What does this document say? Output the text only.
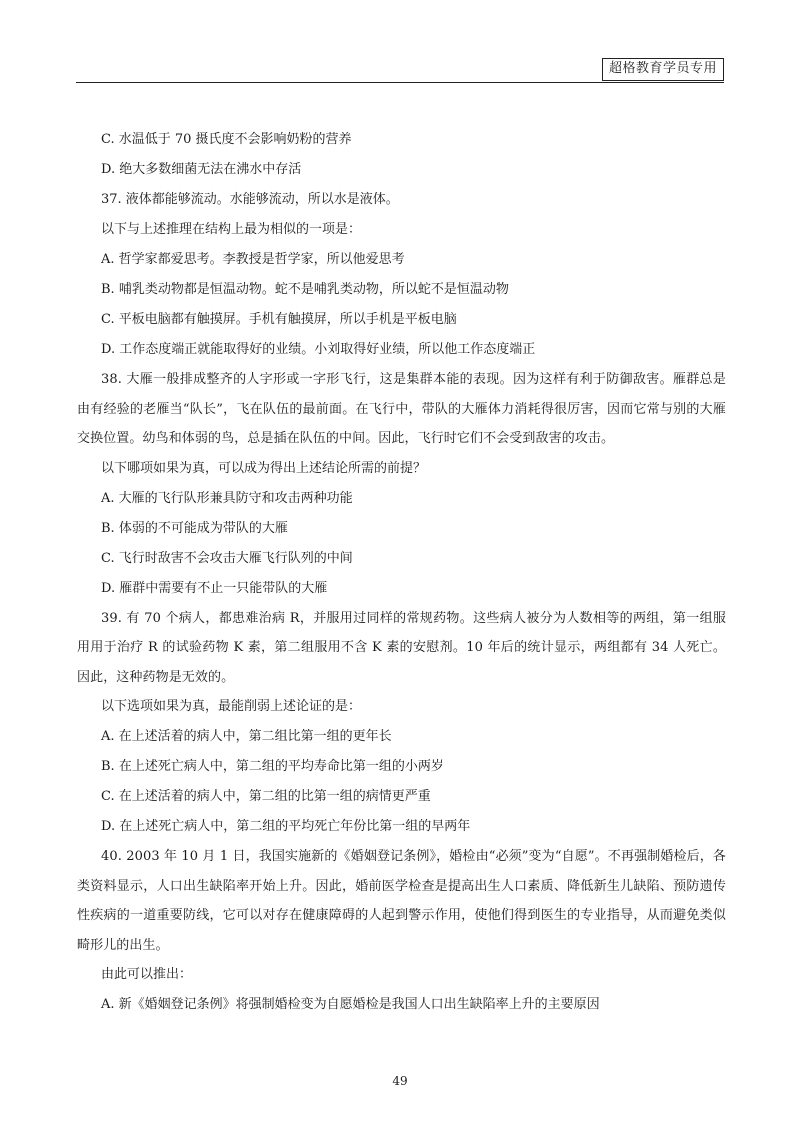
超格教育学员专用

C. 水温低于 70 摄氏度不会影响奶粉的营养

D. 绝大多数细菌无法在沸水中存活

37. 液体都能够流动。水能够流动，所以水是液体。

以下与上述推理在结构上最为相似的一项是：

A. 哲学家都爱思考。李教授是哲学家，所以他爱思考

B. 哺乳类动物都是恒温动物。蛇不是哺乳类动物，所以蛇不是恒温动物

C. 平板电脑都有触摸屏。手机有触摸屏，所以手机是平板电脑

D. 工作态度端正就能取得好的业绩。小刘取得好业绩，所以他工作态度端正

38. 大雁一般排成整齐的人字形或一字形飞行，这是集群本能的表现。因为这样有利于防御敌害。雁群总是由有经验的老雁当“队长”，飞在队伍的最前面。在飞行中，带队的大雁体力消耗得很厉害，因而它常与别的大雁交换位置。幼鸟和体弱的鸟，总是插在队伍的中间。因此，飞行时它们不会受到敌害的攻击。

以下哪项如果为真，可以成为得出上述结论所需的前提？

A. 大雁的飞行队形兼具防守和攻击两种功能

B. 体弱的不可能成为带队的大雁

C. 飞行时敌害不会攻击大雁飞行队列的中间

D. 雁群中需要有不止一只能带队的大雁

39. 有 70 个病人，都患难治病 R，并服用过同样的常规药物。这些病人被分为人数相等的两组，第一组服用用于治疗 R 的试验药物 K 素，第二组服用不含 K 素的安慰剂。10 年后的统计显示，两组都有 34 人死亡。因此，这种药物是无效的。

以下选项如果为真，最能削弱上述论证的是：

A. 在上述活着的病人中，第二组比第一组的更年长

B. 在上述死亡病人中，第二组的平均寿命比第一组的小两岁

C. 在上述活着的病人中，第二组的比第一组的病情更严重

D. 在上述死亡病人中，第二组的平均死亡年份比第一组的早两年

40. 2003 年 10 月 1 日，我国实施新的《婚姻登记条例》，婚检由“必须”变为“自愿”。不再强制婚检后，各类资料显示，人口出生缺陷率开始上升。因此，婚前医学检查是提高出生人口素质、降低新生儿缺陷、预防遗传性疾病的一道重要防线，它可以对存在健康障碍的人起到警示作用，使他们得到医生的专业指导，从而避免类似畸形儿的出生。

由此可以推出：

A. 新《婚姻登记条例》将强制婚检变为自愿婚检是我国人口出生缺陷率上升的主要原因

49
